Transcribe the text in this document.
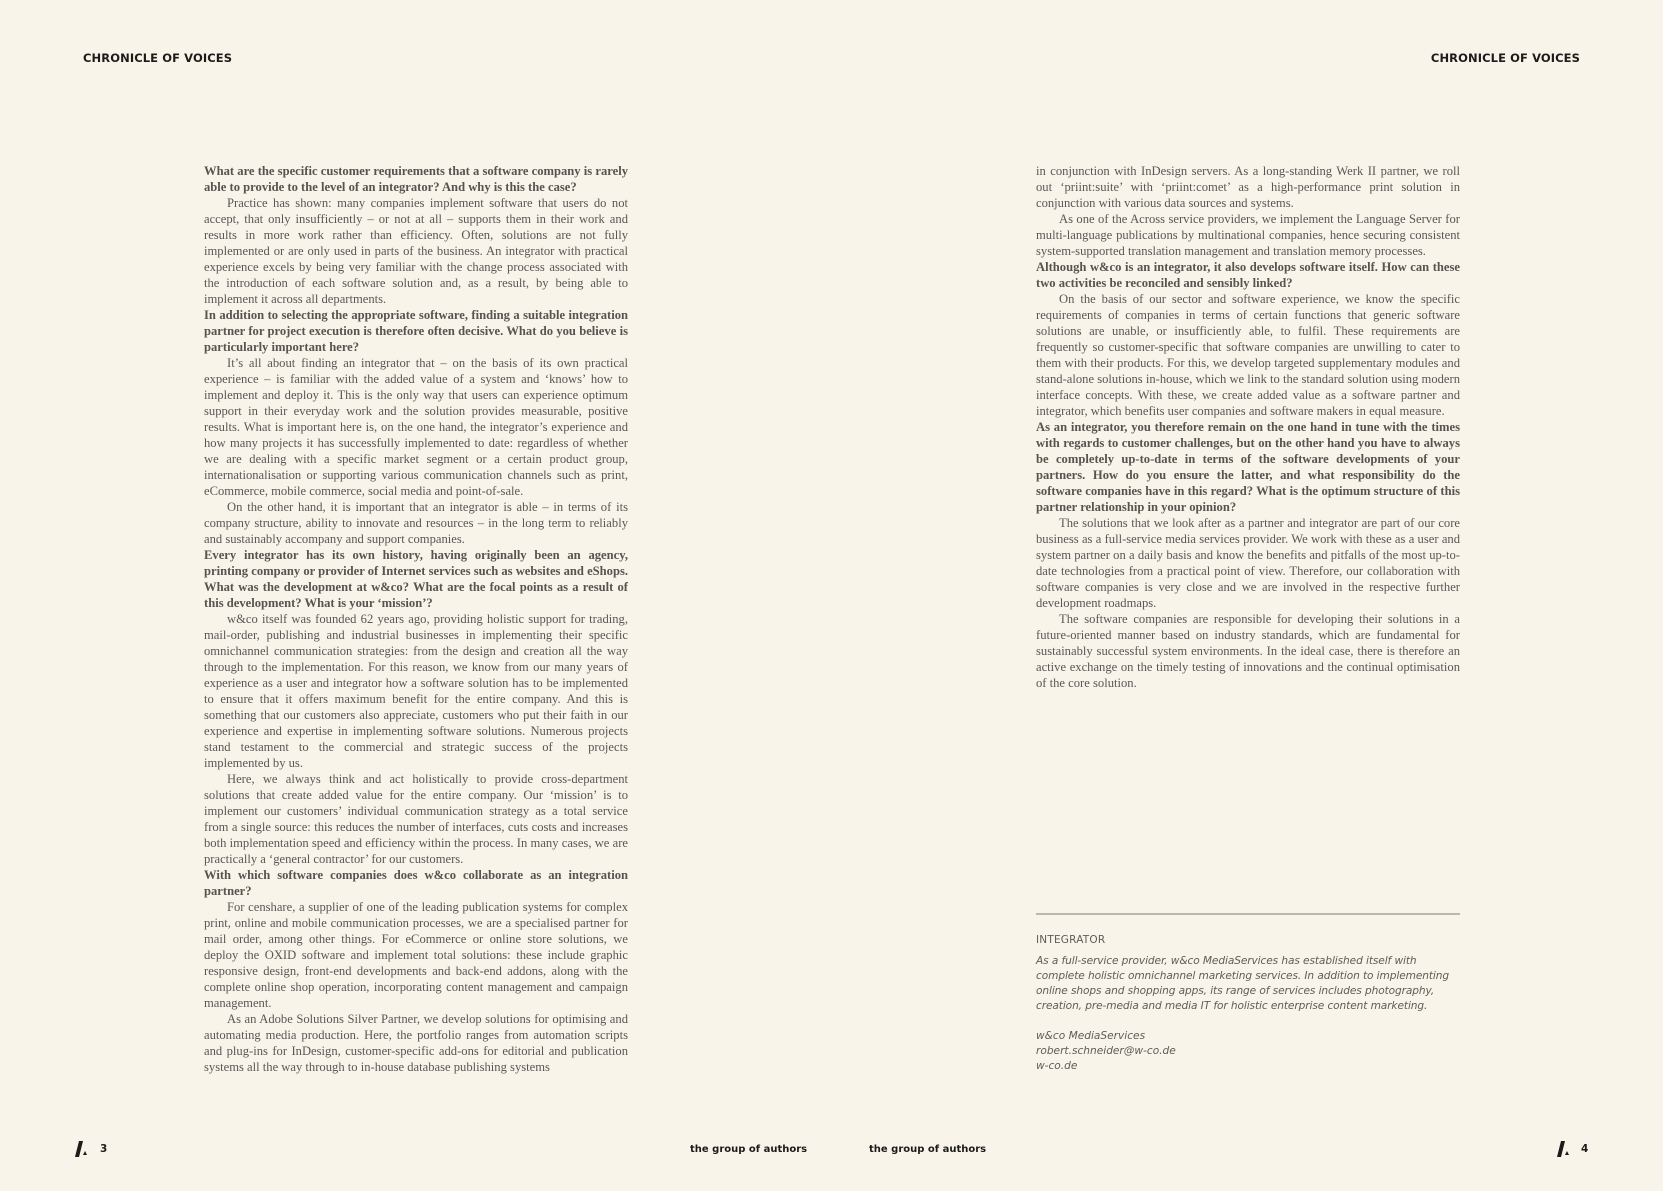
CHRONICLE OF VOICES	CHRONICLE OF VOICES

What are the specific customer requirements that a software company is rarely able to provide to the level of an integrator? And why is this the case?

Practice has shown: many companies implement software that users do not accept, that only insufficiently – or not at all – supports them in their work and results in more work rather than efficiency. Often, solutions are not fully implemented or are only used in parts of the business. An integrator with practical experience excels by being very familiar with the change process associated with the introduction of each software solution and, as a result, by being able to implement it across all departments.

In addition to selecting the appropriate software, finding a suitable integration partner for project execution is therefore often decisive. What do you believe is particularly important here?

It’s all about finding an integrator that – on the basis of its own practical experience – is familiar with the added value of a system and ‘knows’ how to implement and deploy it. This is the only way that users can experience optimum support in their everyday work and the solution provides measurable, positive results. What is important here is, on the one hand, the integrator’s experience and how many projects it has successfully implemented to date: regardless of whether we are dealing with a specific market segment or a certain product group, internationalisation or supporting various communication channels such as print, eCommerce, mobile commerce, social media and point-of-sale.

On the other hand, it is important that an integrator is able – in terms of its company structure, ability to innovate and resources – in the long term to reliably and sustainably accompany and support companies.

Every integrator has its own history, having originally been an agency, printing company or provider of Internet services such as websites and eShops. What was the development at w&co? What are the focal points as a result of this development? What is your ‘mission’?

w&co itself was founded 62 years ago, providing holistic support for trading, mail-order, publishing and industrial businesses in implementing their specific omnichannel communication strategies: from the design and creation all the way through to the implementation. For this reason, we know from our many years of experience as a user and integrator how a software solution has to be implemented to ensure that it offers maximum benefit for the entire company. And this is something that our customers also appreciate, customers who put their faith in our experience and expertise in implementing software solutions. Numerous projects stand testament to the commercial and strategic success of the projects implemented by us.

Here, we always think and act holistically to provide cross-department solutions that create added value for the entire company. Our ‘mission’ is to implement our customers’ individual communication strategy as a total service from a single source: this reduces the number of interfaces, cuts costs and increases both implementation speed and efficiency within the process. In many cases, we are practically a ‘general contractor’ for our customers.

With which software companies does w&co collaborate as an integration partner?

For censhare, a supplier of one of the leading publication systems for complex print, online and mobile communication processes, we are a specialised partner for mail order, among other things. For eCommerce or online store solutions, we deploy the OXID software and implement total solutions: these include graphic responsive design, front-end developments and back-end addons, along with the complete online shop operation, incorporating content management and campaign management.

As an Adobe Solutions Silver Partner, we develop solutions for optimising and automating media production. Here, the portfolio ranges from automation scripts and plug-ins for InDesign, customer-specific add-ons for editorial and publication systems all the way through to in-house database publishing systems

in conjunction with InDesign servers. As a long-standing Werk II partner, we roll out ‘priint:suite’ with ‘priint:comet’ as a high-performance print solution in conjunction with various data sources and systems.

As one of the Across service providers, we implement the Language Server for multi-language publications by multinational companies, hence securing consistent system-supported translation management and translation memory processes.

Although w&co is an integrator, it also develops software itself. How can these two activities be reconciled and sensibly linked?

On the basis of our sector and software experience, we know the specific requirements of companies in terms of certain functions that generic software solutions are unable, or insufficiently able, to fulfil. These requirements are frequently so customer-specific that software companies are unwilling to cater to them with their products. For this, we develop targeted supplementary modules and stand-alone solutions in-house, which we link to the standard solution using modern interface concepts. With these, we create added value as a software partner and integrator, which benefits user companies and software makers in equal measure.

As an integrator, you therefore remain on the one hand in tune with the times with regards to customer challenges, but on the other hand you have to always be completely up-to-date in terms of the software developments of your partners. How do you ensure the latter, and what responsibility do the software companies have in this regard? What is the optimum structure of this partner relationship in your opinion?

The solutions that we look after as a partner and integrator are part of our core business as a full-service media services provider. We work with these as a user and system partner on a daily basis and know the benefits and pitfalls of the most up-to-date technologies from a practical point of view. Therefore, our collaboration with software companies is very close and we are involved in the respective further development roadmaps.

The software companies are responsible for developing their solutions in a future-oriented manner based on industry standards, which are fundamental for sustainably successful system environments. In the ideal case, there is therefore an active exchange on the timely testing of innovations and the continual optimisation of the core solution.

INTEGRATOR
As a full-service provider, w&co MediaServices has established itself with complete holistic omnichannel marketing services. In addition to implementing online shops and shopping apps, its range of services includes photography, creation, pre-media and media IT for holistic enterprise content marketing.
w&co MediaServices
robert.schneider@w-co.de
w-co.de
3	the group of authors	the group of authors	4
